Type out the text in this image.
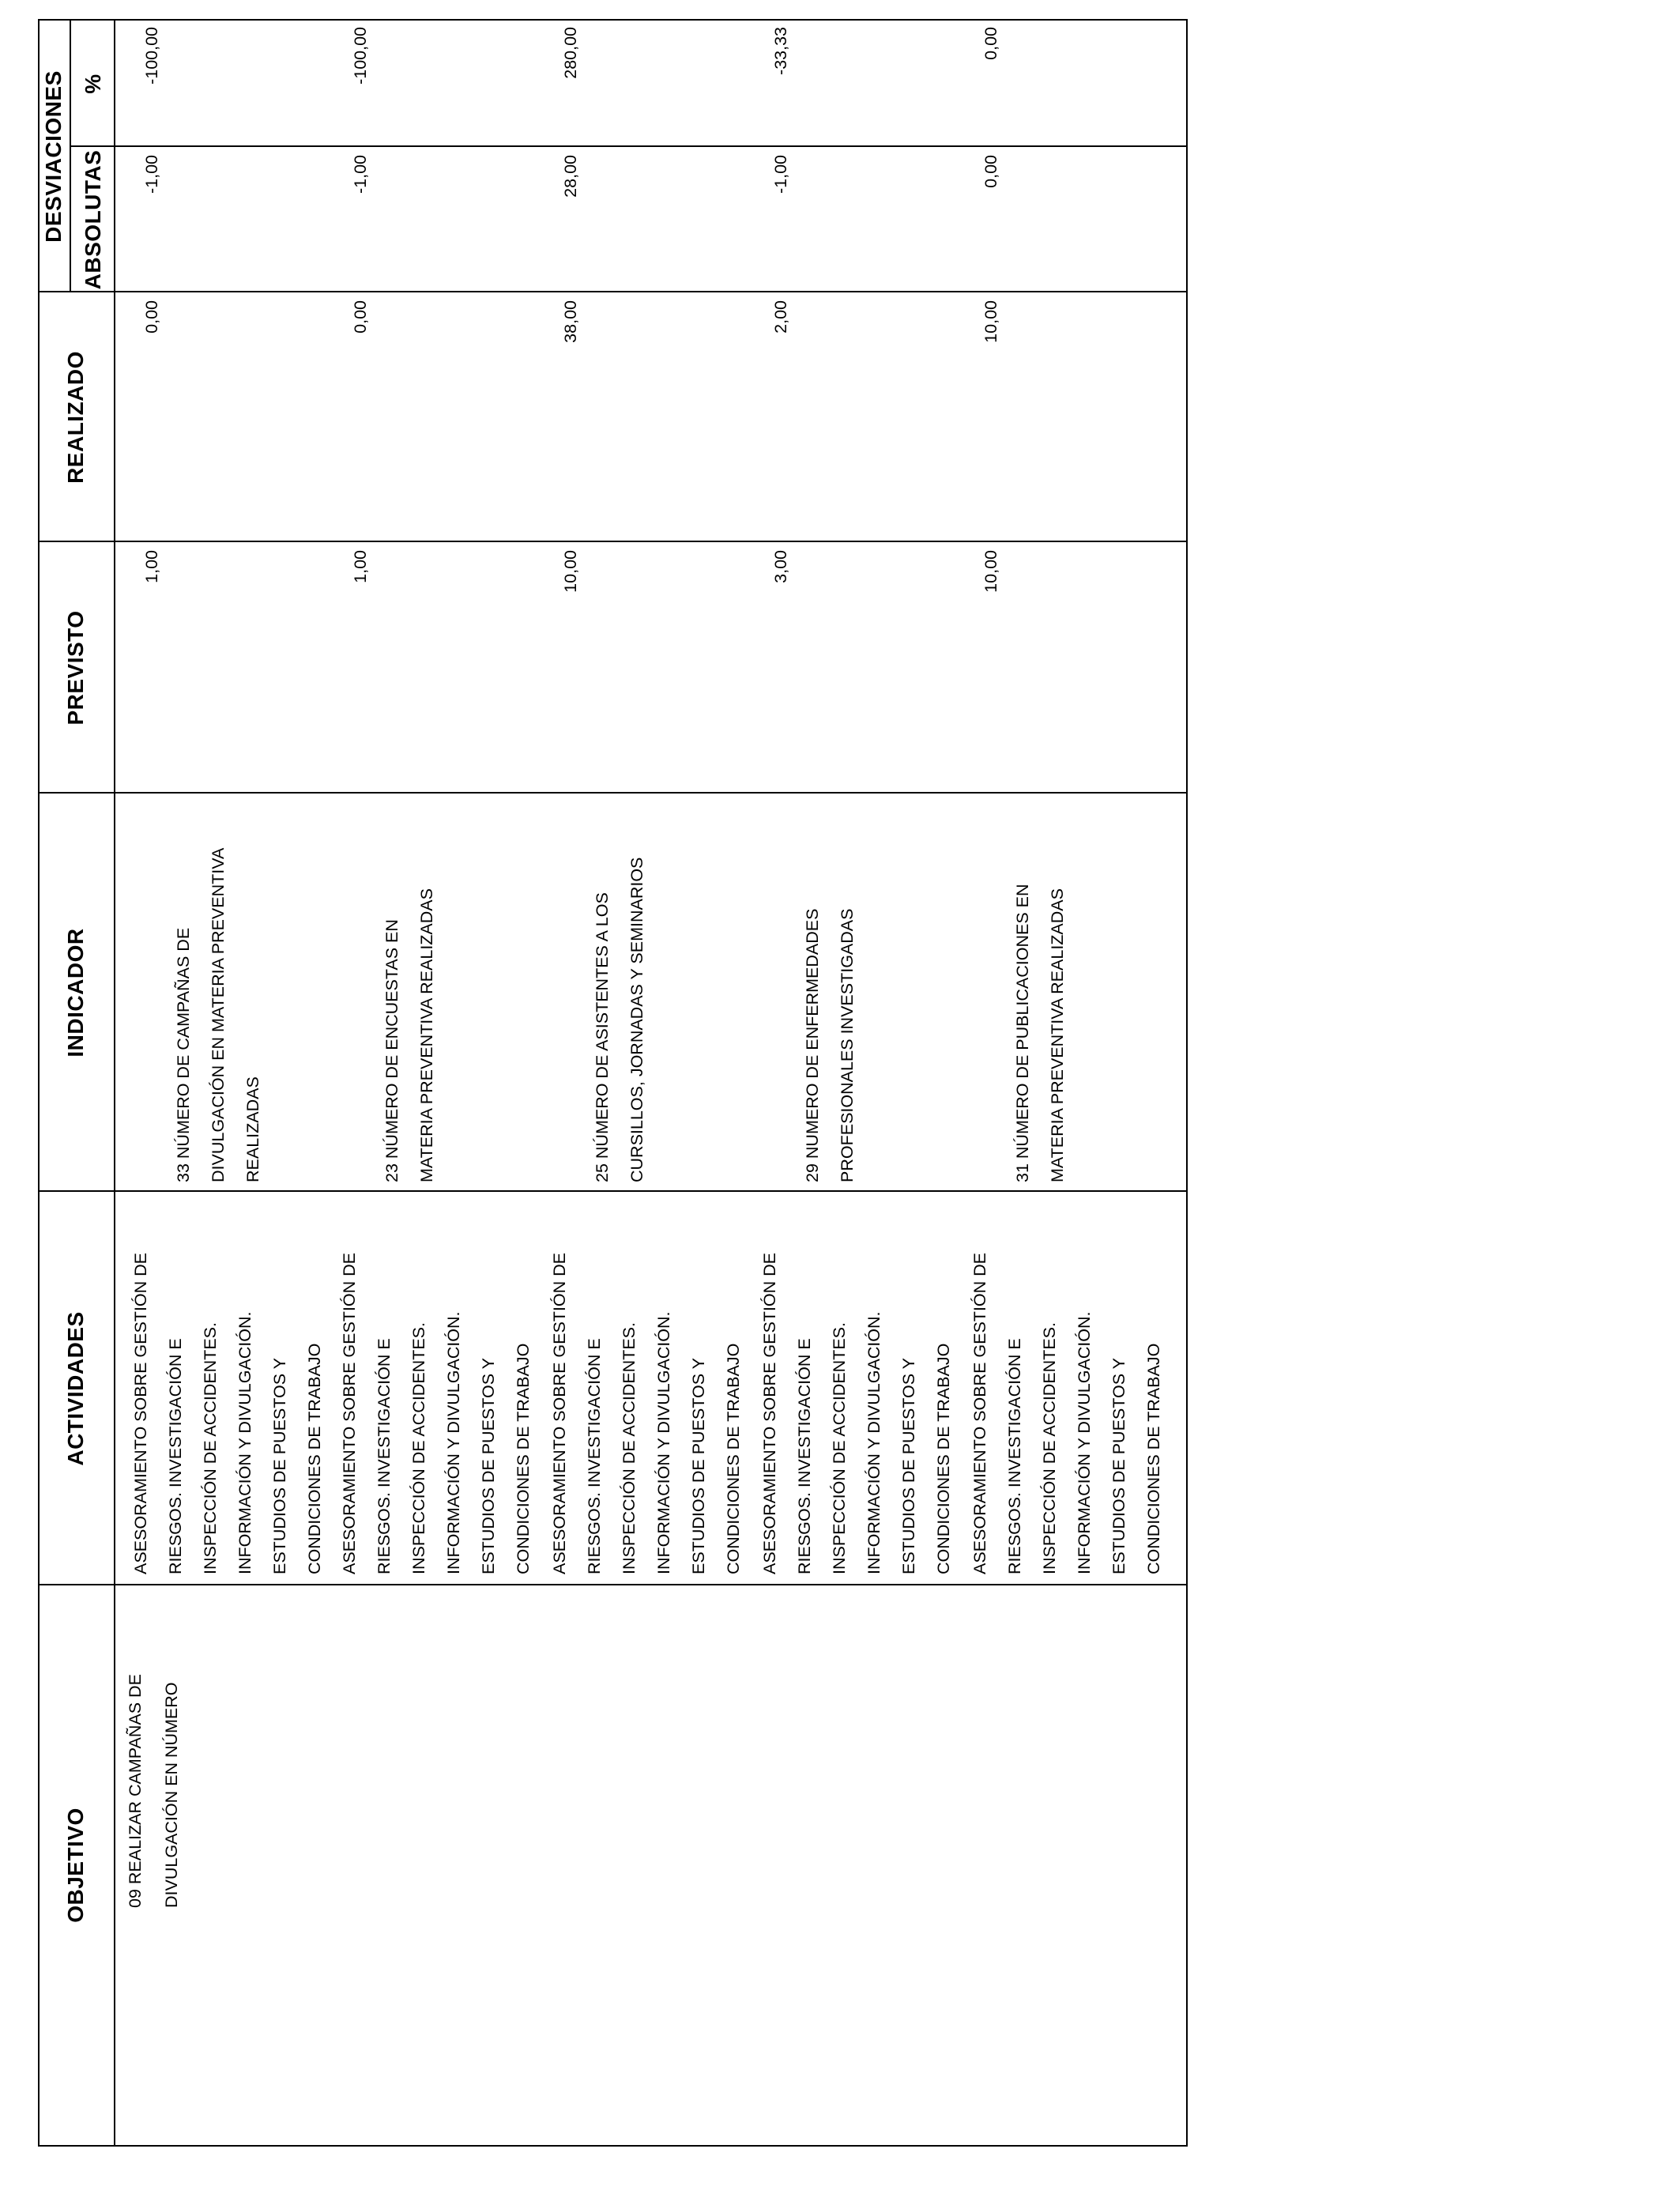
OBJETIVO
ACTIVIDADES
INDICADOR
PREVISTO
REALIZADO
DESVIACIONES ABSOLUTAS
%
09 REALIZAR CAMPAÑAS DE
DIVULGACIÓN EN NÚMERO
ASESORAMIENTO SOBRE GESTIÓN DE
RIESGOS. INVESTIGACIÓN E
INSPECCIÓN DE ACCIDENTES.
INFORMACIÓN Y DIVULGACIÓN.
ESTUDIOS DE PUESTOS Y
CONDICIONES DE TRABAJO
33 NÚMERO DE CAMPAÑAS DE
DIVULGACIÓN EN MATERIA PREVENTIVA
REALIZADAS
1,00
0,00
-1,00
-100,00
ASESORAMIENTO SOBRE GESTIÓN DE
RIESGOS. INVESTIGACIÓN E
INSPECCIÓN DE ACCIDENTES.
INFORMACIÓN Y DIVULGACIÓN.
ESTUDIOS DE PUESTOS Y
CONDICIONES DE TRABAJO
23 NÚMERO DE ENCUESTAS EN
MATERIA PREVENTIVA REALIZADAS
1,00
0,00
-1,00
-100,00
ASESORAMIENTO SOBRE GESTIÓN DE
RIESGOS. INVESTIGACIÓN E
INSPECCIÓN DE ACCIDENTES.
INFORMACIÓN Y DIVULGACIÓN.
ESTUDIOS DE PUESTOS Y
CONDICIONES DE TRABAJO
25 NÚMERO DE ASISTENTES A LOS
CURSILLOS, JORNADAS Y SEMINARIOS
10,00
38,00
28,00
280,00
ASESORAMIENTO SOBRE GESTIÓN DE
RIESGOS. INVESTIGACIÓN E
INSPECCIÓN DE ACCIDENTES.
INFORMACIÓN Y DIVULGACIÓN.
ESTUDIOS DE PUESTOS Y
CONDICIONES DE TRABAJO
29 NUMERO DE ENFERMEDADES
PROFESIONALES INVESTIGADAS
3,00
2,00
-1,00
-33,33
ASESORAMIENTO SOBRE GESTIÓN DE
RIESGOS. INVESTIGACIÓN E
INSPECCIÓN DE ACCIDENTES.
INFORMACIÓN Y DIVULGACIÓN.
ESTUDIOS DE PUESTOS Y
CONDICIONES DE TRABAJO
31 NÚMERO DE PUBLICACIONES EN
MATERIA PREVENTIVA REALIZADAS
10,00
10,00
0,00
0,00
